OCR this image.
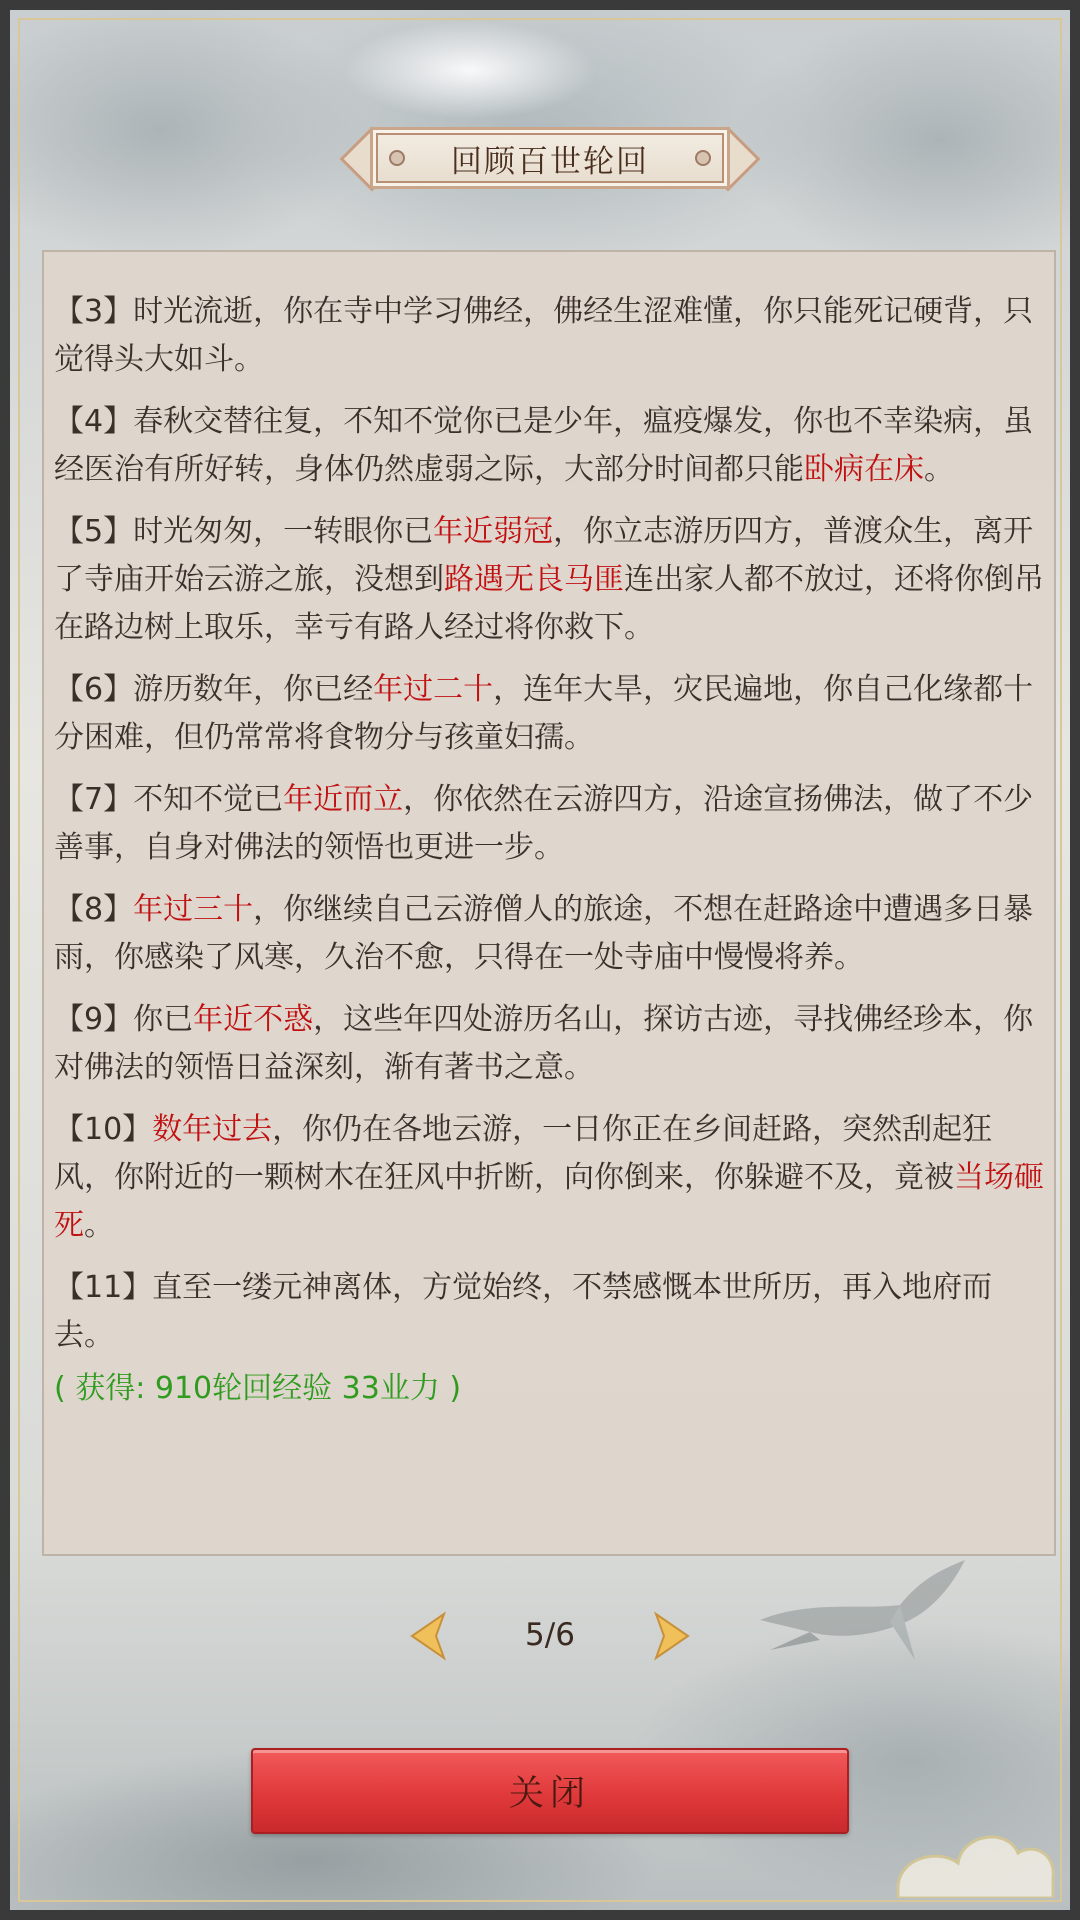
回顾百世轮回

【3】时光流逝，你在寺中学习佛经，佛经生涩难懂，你只能死记硬背，只觉得头大如斗。

【4】春秋交替往复，不知不觉你已是少年，瘟疫爆发，你也不幸染病，虽经医治有所好转，身体仍然虚弱之际，大部分时间都只能卧病在床。

【5】时光匆匆，一转眼你已年近弱冠，你立志游历四方，普渡众生，离开了寺庙开始云游之旅，没想到路遇无良马匪连出家人都不放过，还将你倒吊在路边树上取乐，幸亏有路人经过将你救下。

【6】游历数年，你已经年过二十，连年大旱，灾民遍地，你自己化缘都十分困难，但仍常常将食物分与孩童妇孺。

【7】不知不觉已年近而立，你依然在云游四方，沿途宣扬佛法，做了不少善事，自身对佛法的领悟也更进一步。

【8】年过三十，你继续自己云游僧人的旅途，不想在赶路途中遭遇多日暴雨，你感染了风寒，久治不愈，只得在一处寺庙中慢慢将养。

【9】你已年近不惑，这些年四处游历名山，探访古迹，寻找佛经珍本，你对佛法的领悟日益深刻，渐有著书之意。

【10】数年过去，你仍在各地云游，一日你正在乡间赶路，突然刮起狂风，你附近的一颗树木在狂风中折断，向你倒来，你躲避不及，竟被当场砸死。

【11】直至一缕元神离体，方觉始终，不禁感慨本世所历，再入地府而去。

( 获得: 910轮回经验 33业力 )
5/6
关闭
